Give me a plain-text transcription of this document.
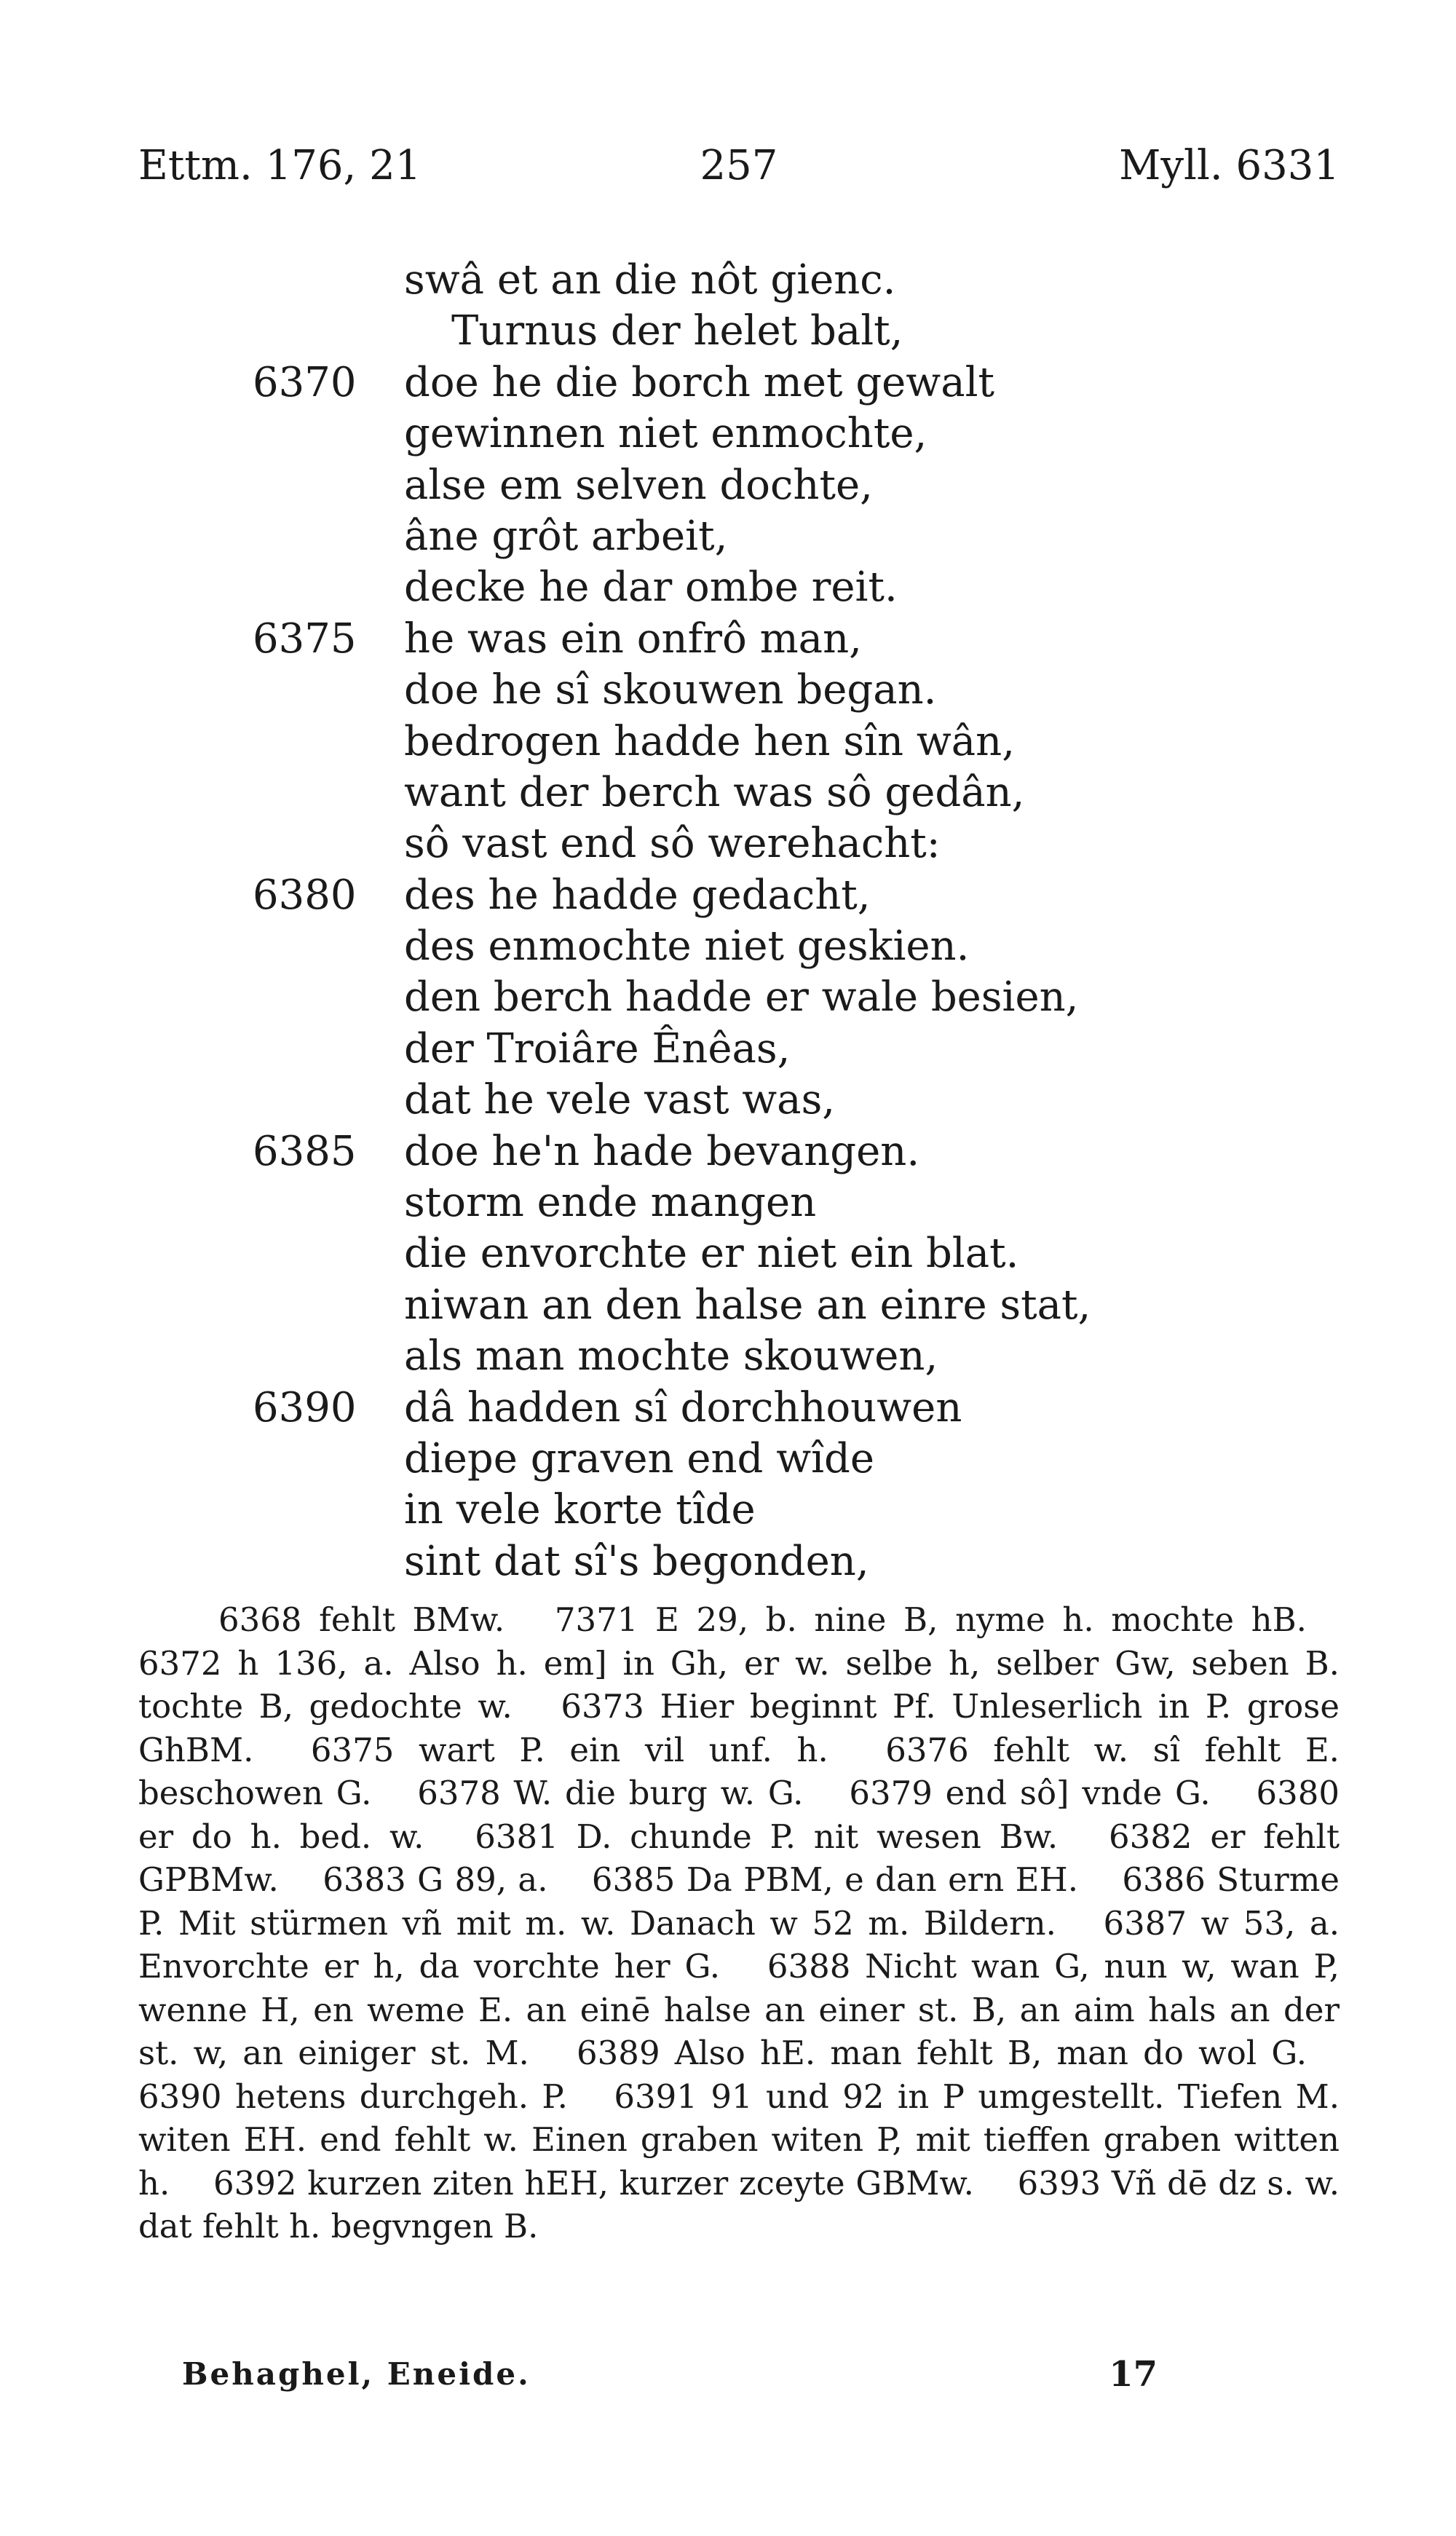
Ettm. 176, 21	257	Myll. 6331
swâ et an die nôt gienc.
Turnus der helet balt,
6370 doe he die borch met gewalt
gewinnen niet enmochte,
alse em selven dochte,
âne grôt arbeit,
decke he dar ombe reit.
6375 he was ein onfrô man,
doe he sî skouwen began.
bedrogen hadde hen sîn wân,
want der berch was sô gedân,
sô vast end sô werehacht:
6380 des he hadde gedacht,
des enmochte niet geskien.
den berch hadde er wale besien,
der Troiâre Ênêas,
dat he vele vast was,
6385 doe he'n hade bevangen.
storm ende mangen
die envorchte er niet ein blat.
niwan an den halse an einre stat,
als man mochte skouwen,
6390 dâ hadden sî dorchhouwen
diepe graven end wîde
in vele korte tîde
sint dat sî's begonden,

6368 fehlt BMw.  7371 E 29, b. nine B, nyme h. mochte hB.  6372 h 136, a. Also h. em] in Gh, er w. selbe h, selber Gw, seben B. tochte B, gedochte w.  6373 Hier beginnt Pf. Unleserlich in P. grose GhBM.  6375 wart P. ein vil unf. h.  6376 fehlt w. sî fehlt E. beschowen G.  6378 W. die burg w. G.  6379 end sô] vnde G.  6380 er do h. bed. w.  6381 D. chunde P. nit wesen Bw.  6382 er fehlt GPBMw.  6383 G 89, a.  6385 Da PBM, e dan ern EH.  6386 Sturme P. Mit stürmen vñ mit m. w. Danach w 52 m. Bildern.  6387 w 53, a. Envorchte er h, da vorchte her G.  6388 Nicht wan G, nun w, wan P, wenne H, en weme E. an einē halse an einer st. B, an aim hals an der st. w, an einiger st. M.  6389 Also hE. man fehlt B, man do wol G.  6390 hetens durchgeh. P.  6391 91 und 92 in P umgestellt. Tiefen M. witen EH. end fehlt w. Einen graben witen P, mit tieffen graben witten h.  6392 kurzen ziten hEH, kurzer zceyte GBMw.  6393 Vñ dē dz s. w. dat fehlt h. begvngen B. 

Behaghel, Eneide.	17
